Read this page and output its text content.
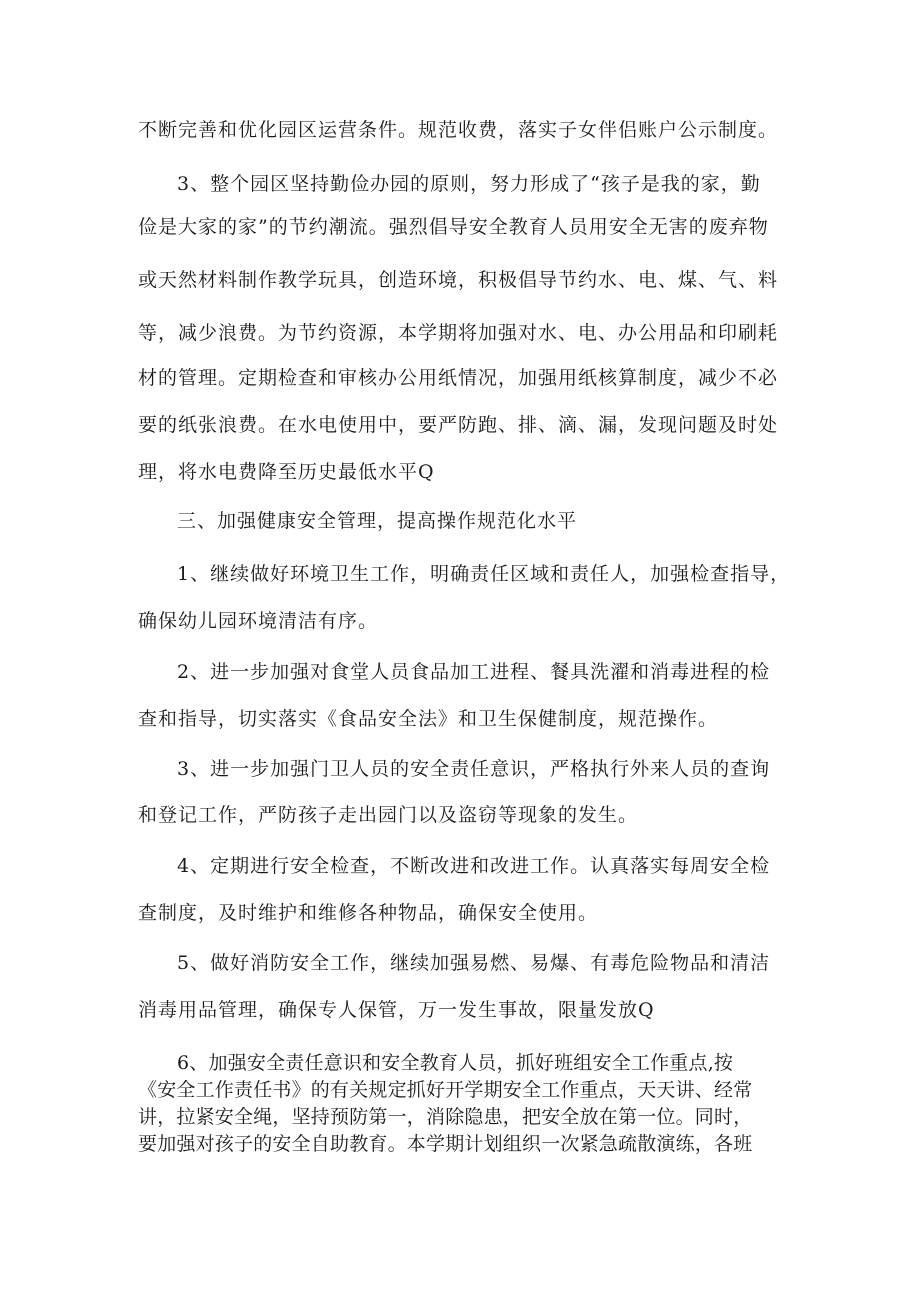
不断完善和优化园区运营条件。规范收费，落实子女伴侣账户公示制度。
3、整个园区坚持勤俭办园的原则，努力形成了“孩子是我的家，勤
俭是大家的家”的节约潮流。强烈倡导安全教育人员用安全无害的废弃物
或天然材料制作教学玩具，创造环境，积极倡导节约水、电、煤、气、料
等，减少浪费。为节约资源，本学期将加强对水、电、办公用品和印刷耗
材的管理。定期检查和审核办公用纸情况，加强用纸核算制度，减少不必
要的纸张浪费。在水电使用中，要严防跑、排、滴、漏，发现问题及时处
理，将水电费降至历史最低水平Q
三、加强健康安全管理，提高操作规范化水平
1、继续做好环境卫生工作，明确责任区域和责任人，加强检查指导，
确保幼儿园环境清洁有序。
2、进一步加强对食堂人员食品加工进程、餐具洗濯和消毒进程的检
查和指导，切实落实《食品安全法》和卫生保健制度，规范操作。
3、进一步加强门卫人员的安全责任意识，严格执行外来人员的查询
和登记工作，严防孩子走出园门以及盗窃等现象的发生。
4、定期进行安全检查，不断改进和改进工作。认真落实每周安全检
查制度，及时维护和维修各种物品，确保安全使用。
5、做好消防安全工作，继续加强易燃、易爆、有毒危险物品和清洁
消毒用品管理，确保专人保管，万一发生事故，限量发放Q
6、加强安全责任意识和安全教育人员，抓好班组安全工作重点,按
《安全工作责任书》的有关规定抓好开学期安全工作重点，天天讲、经常
讲，拉紧安全绳，坚持预防第一，消除隐患，把安全放在第一位。同时，
要加强对孩子的安全自助教育。本学期计划组织一次紧急疏散演练，各班
